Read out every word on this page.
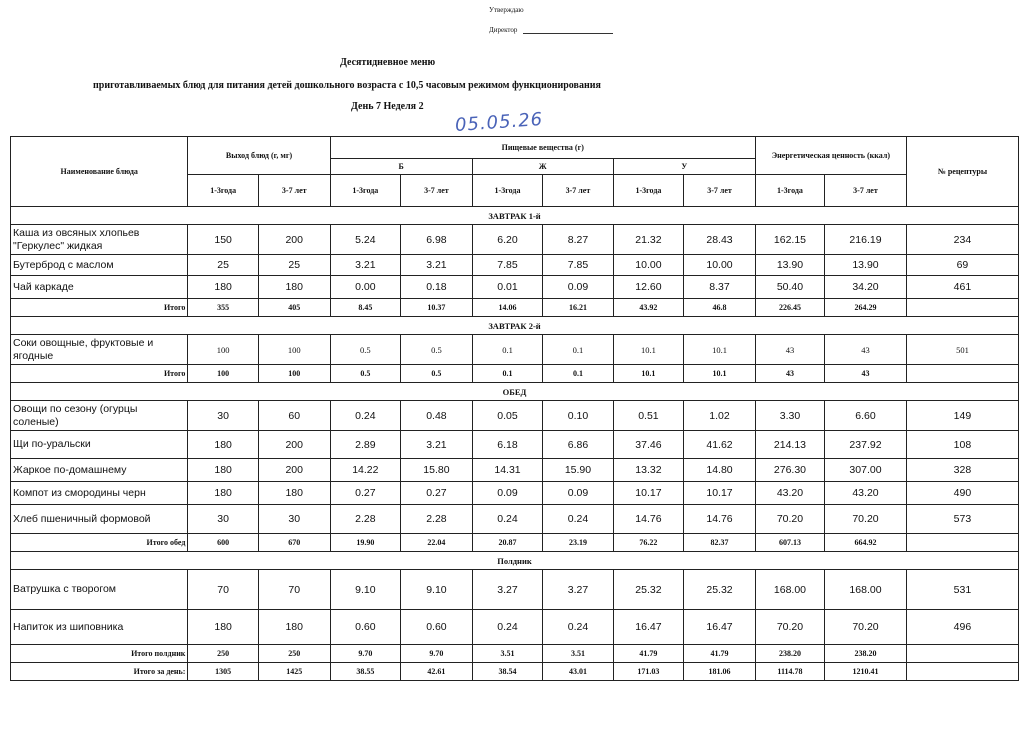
Утверждаю
Директор
Десятидневное меню
приготавливаемых блюд для питания детей дошкольного возраста с 10,5 часовым режимом функционирования
День 7 Неделя 2
05.05.26
Наименование блюда	Выход блюд (г, мг)		Пищевые вещества (г)						Энергетическая ценность (ккал)		№ рецептуры
			Б		Ж		У				
	1-3года	3-7 лет	1-3года	3-7 лет	1-3года	3-7 лет	1-3года	3-7 лет	1-3года	3-7 лет	
ЗАВТРАК 1-й											
Каша из овсяных хлопьев "Геркулес" жидкая	150	200	5.24	6.98	6.20	8.27	21.32	28.43	162.15	216.19	234
Бутерброд с маслом	25	25	3.21	3.21	7.85	7.85	10.00	10.00	13.90	13.90	69
Чай каркаде	180	180	0.00	0.18	0.01	0.09	12.60	8.37	50.40	34.20	461
Итого	355	405	8.45	10.37	14.06	16.21	43.92	46.8	226.45	264.29	
ЗАВТРАК 2-й											
Соки овощные, фруктовые и ягодные	100	100	0.5	0.5	0.1	0.1	10.1	10.1	43	43	501
Итого	100	100	0.5	0.5	0.1	0.1	10.1	10.1	43	43	
ОБЕД											
Овощи по сезону (огурцы соленые)	30	60	0.24	0.48	0.05	0.10	0.51	1.02	3.30	6.60	149
Щи по-уральски	180	200	2.89	3.21	6.18	6.86	37.46	41.62	214.13	237.92	108
Жаркое по-домашнему	180	200	14.22	15.80	14.31	15.90	13.32	14.80	276.30	307.00	328
Компот из смородины черн	180	180	0.27	0.27	0.09	0.09	10.17	10.17	43.20	43.20	490
Хлеб пшеничный формовой	30	30	2.28	2.28	0.24	0.24	14.76	14.76	70.20	70.20	573
Итого обед	600	670	19.90	22.04	20.87	23.19	76.22	82.37	607.13	664.92	
Полдник											
Ватрушка с творогом	70	70	9.10	9.10	3.27	3.27	25.32	25.32	168.00	168.00	531
Напиток из шиповника	180	180	0.60	0.60	0.24	0.24	16.47	16.47	70.20	70.20	496
Итого полдник	250	250	9.70	9.70	3.51	3.51	41.79	41.79	238.20	238.20	
Итого за день:	1305	1425	38.55	42.61	38.54	43.01	171.03	181.06	1114.78	1210.41	
